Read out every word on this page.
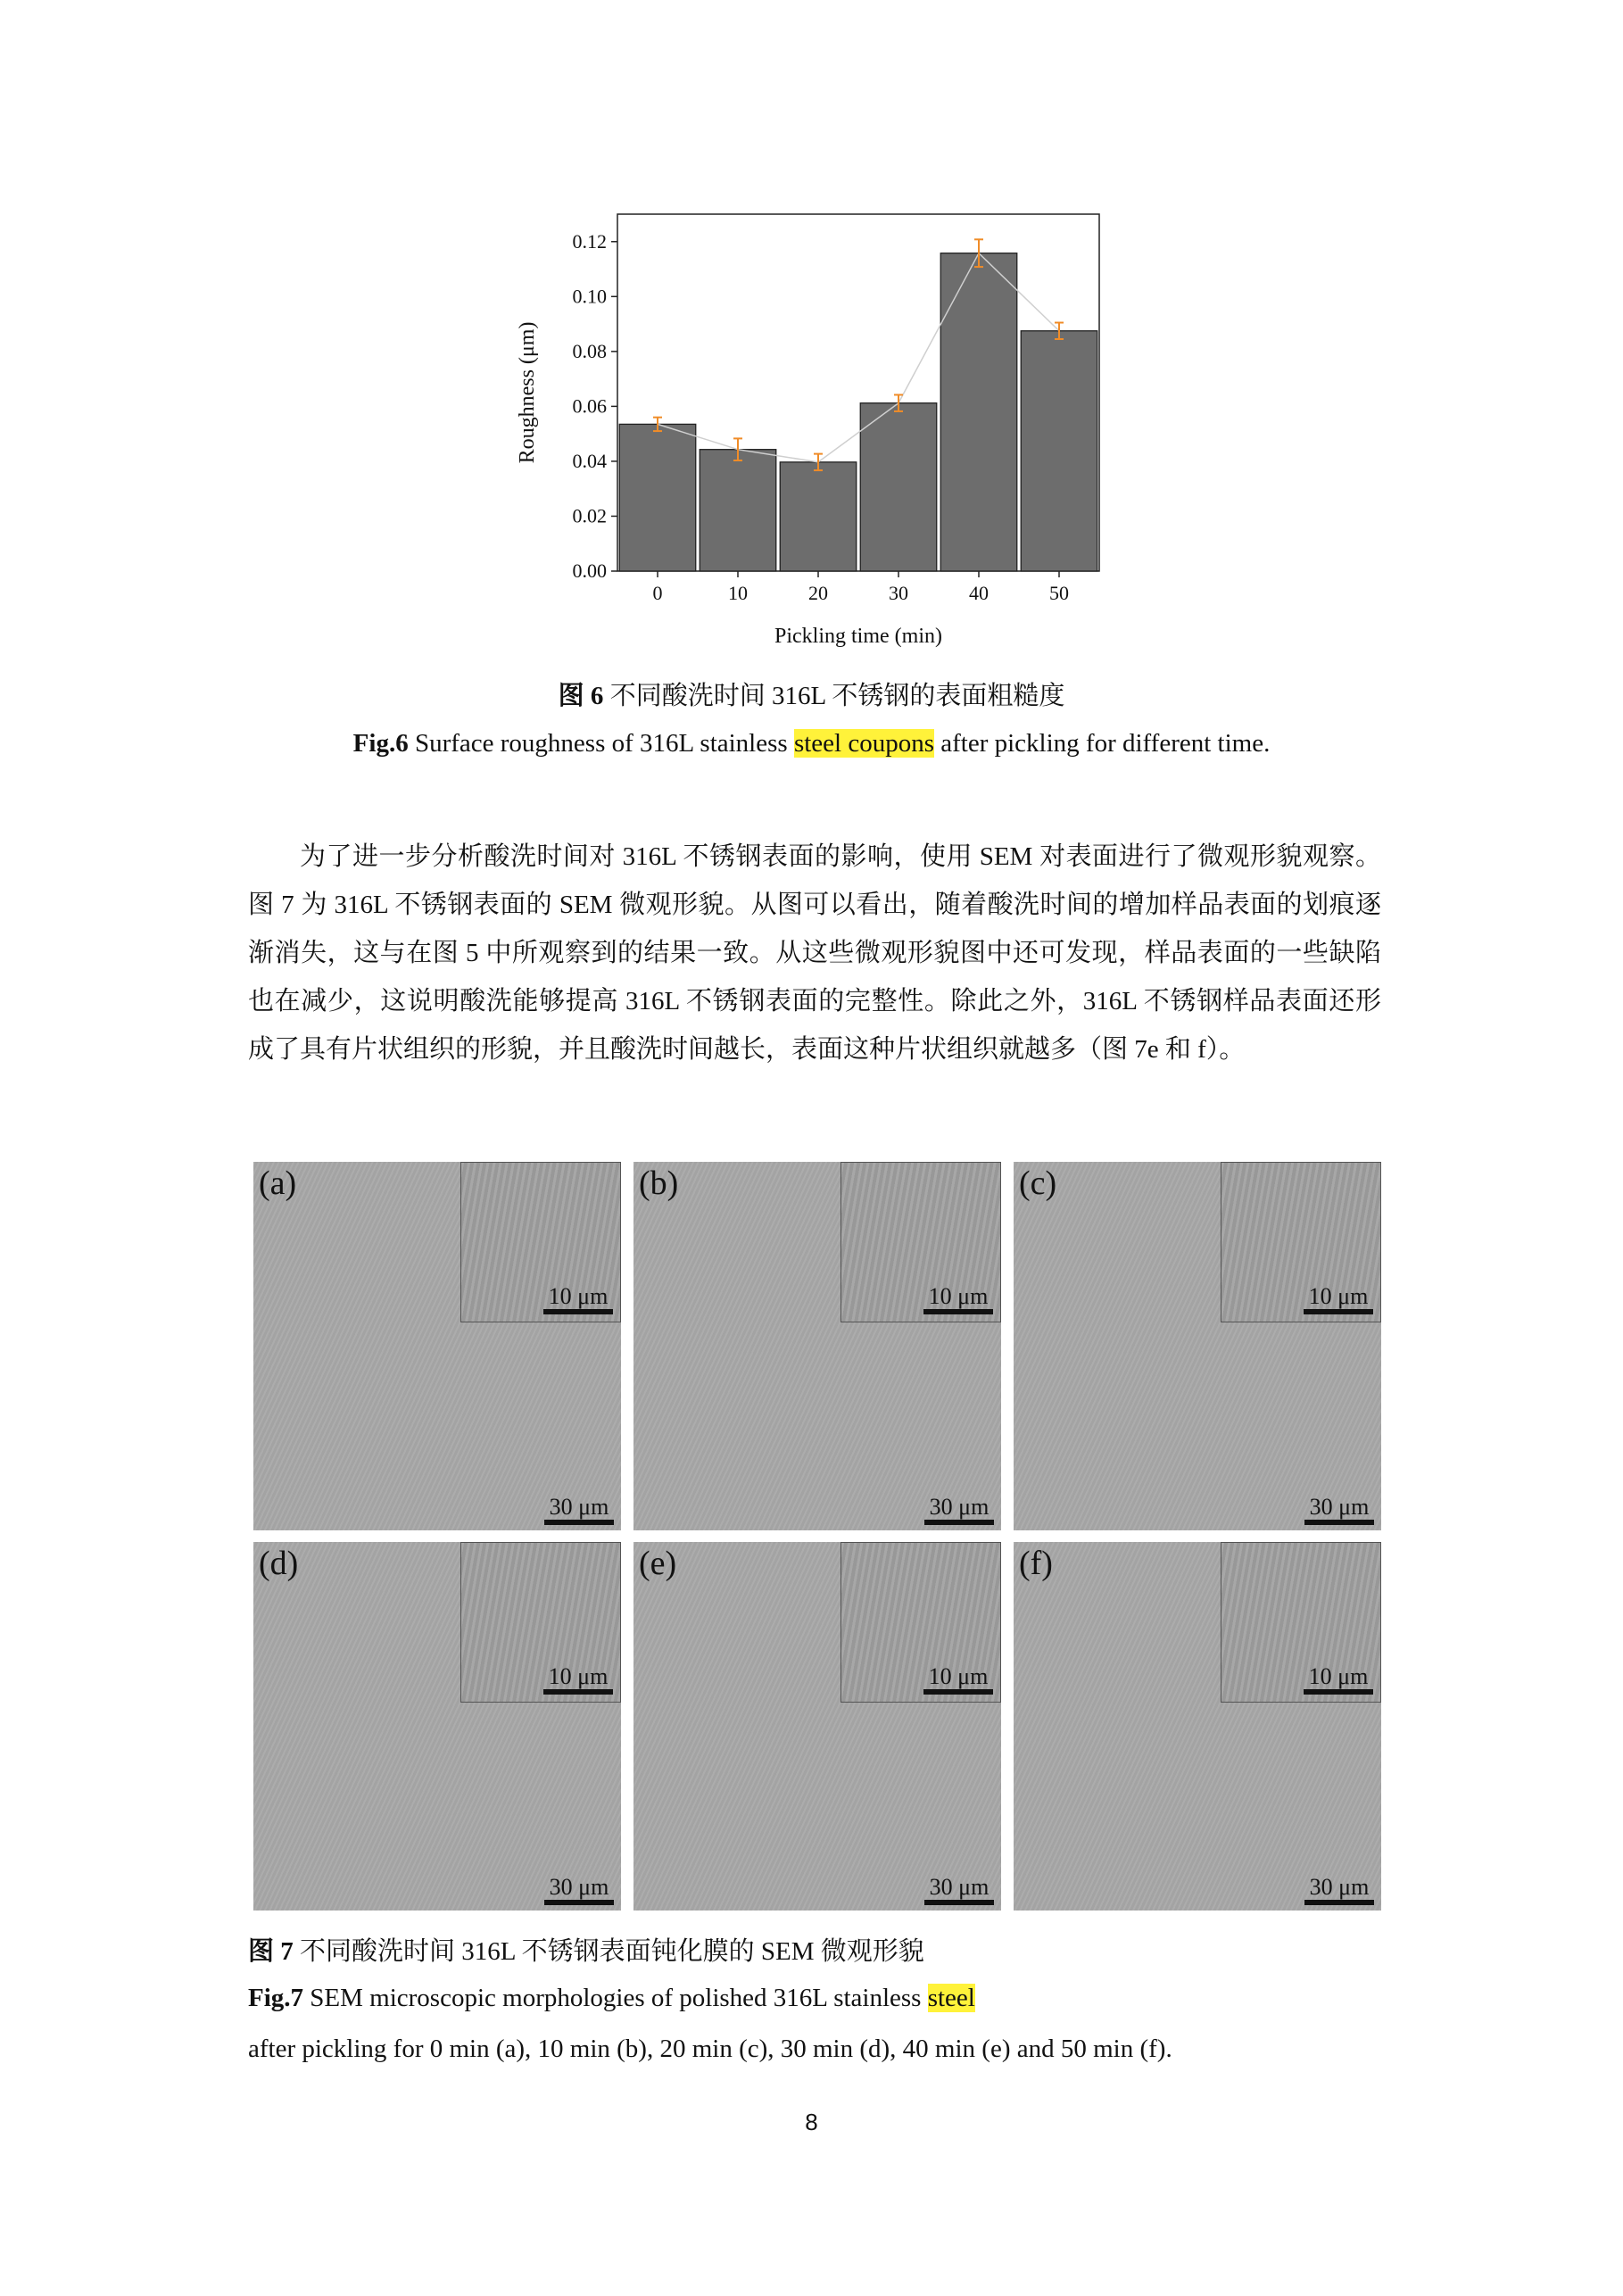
0.00
0.02
0.04
0.06
0.08
0.10
0.12
0	10	20	30	40	50
Pickling time (min)
Roughness (μm)
图 6 不同酸洗时间 316L 不锈钢的表面粗糙度
Fig.6 Surface roughness of 316L stainless steel coupons after pickling for different time.
为了进一步分析酸洗时间对 316L 不锈钢表面的影响，使用 SEM 对表面进行了微观形貌观察。图 7 为 316L 不锈钢表面的 SEM 微观形貌。从图可以看出，随着酸洗时间的增加样品表面的划痕逐渐消失，这与在图 5 中所观察到的结果一致。从这些微观形貌图中还可发现，样品表面的一些缺陷也在减少，这说明酸洗能够提高 316L 不锈钢表面的完整性。除此之外，316L 不锈钢样品表面还形成了具有片状组织的形貌，并且酸洗时间越长，表面这种片状组织就越多（图 7e 和 f）。
(a)
10 μm
30 μm
(b)
10 μm
30 μm
(c)
10 μm
30 μm
(d)
10 μm
30 μm
(e)
10 μm
30 μm
(f)
10 μm
30 μm
图 7 不同酸洗时间 316L 不锈钢表面钝化膜的 SEM 微观形貌
Fig.7 SEM microscopic morphologies of polished 316L stainless steel
after pickling for 0 min (a), 10 min (b), 20 min (c), 30 min (d), 40 min (e) and 50 min (f).
8
